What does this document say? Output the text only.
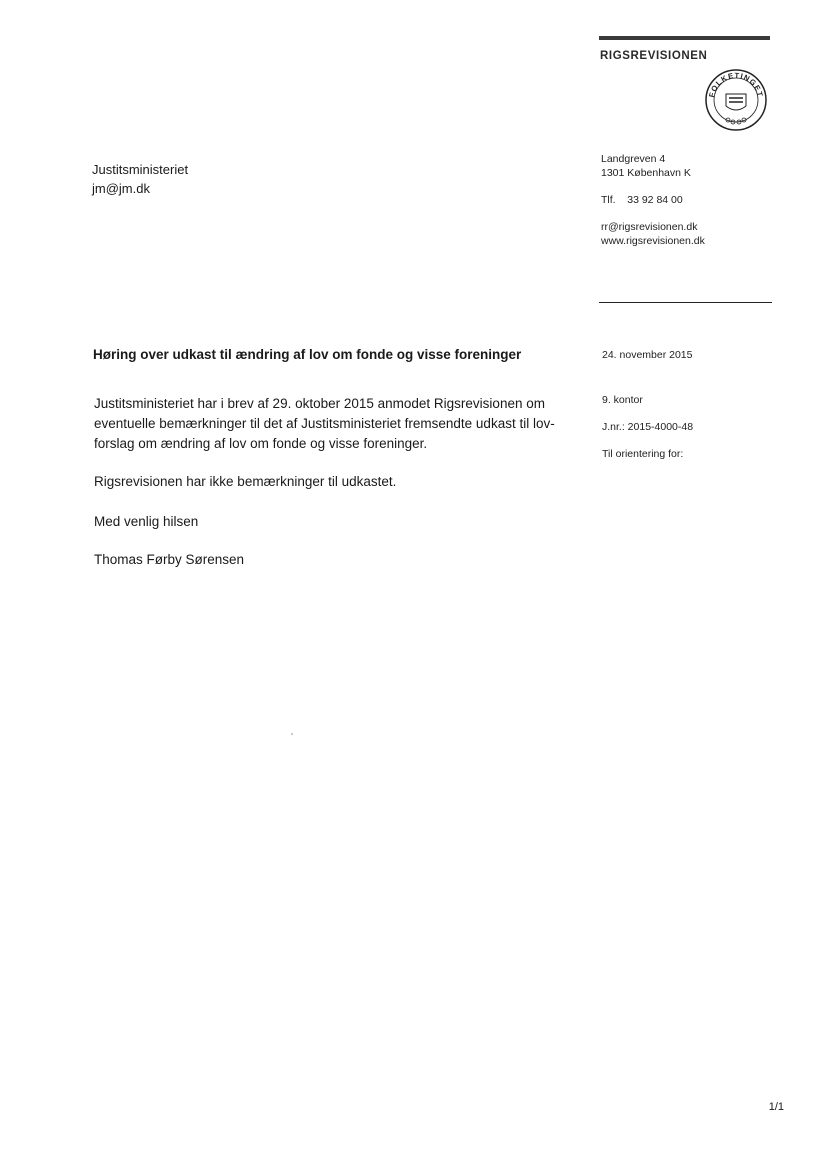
RIGSREVISIONEN
FOLKETINGET
Justitsministeriet
jm@jm.dk
Landgreven 4
1301 København K
Tlf.    33 92 84 00
rr@rigsrevisionen.dk
www.rigsrevisionen.dk
Høring over udkast til ændring af lov om fonde og visse foreninger	24. november 2015
9. kontor
J.nr.: 2015-4000-48
Til orientering for:
Justitsministeriet har i brev af 29. oktober 2015 anmodet Rigsrevisionen om
eventuelle bemærkninger til det af Justitsministeriet fremsendte udkast til lov-
forslag om ændring af lov om fonde og visse foreninger.
Rigsrevisionen har ikke bemærkninger til udkastet.
Med venlig hilsen
Thomas Førby Sørensen
1/1
